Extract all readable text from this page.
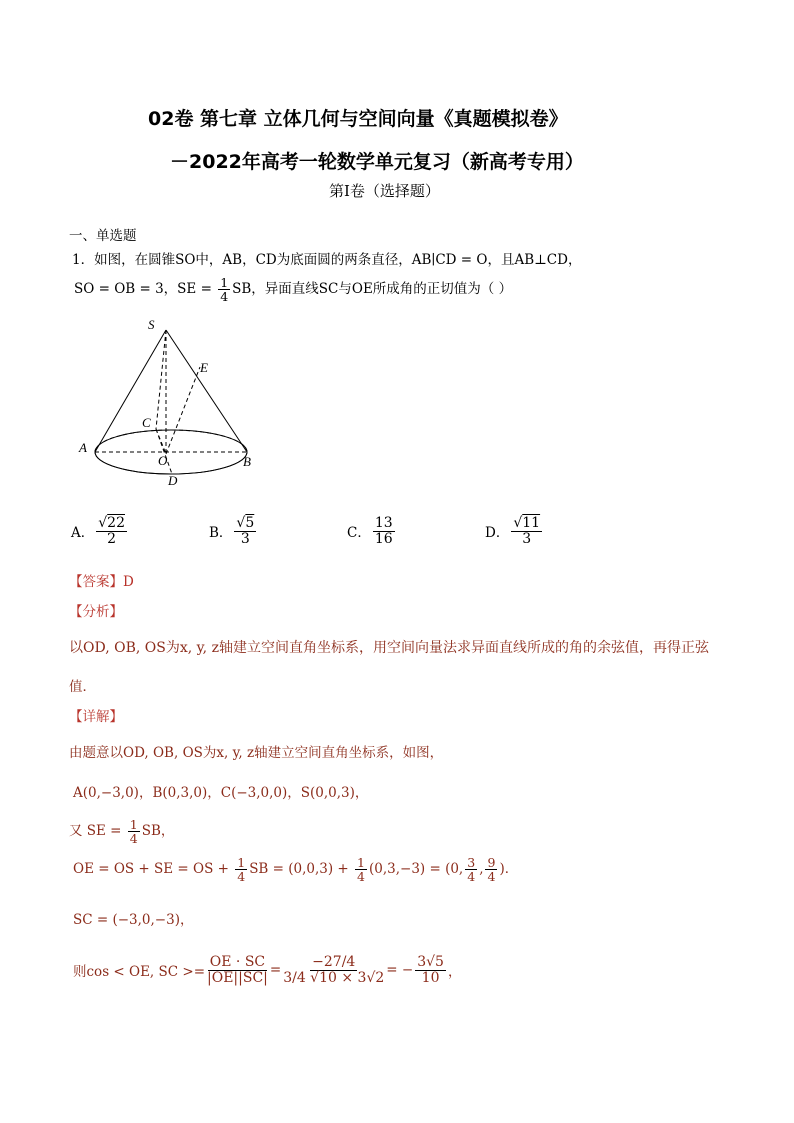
02卷 第七章 立体几何与空间向量《真题模拟卷》
－2022年高考一轮数学单元复习（新高考专用）
第Ⅰ卷（选择题）
一、单选题
1．如图，在圆锥SO中，AB，CD为底面圆的两条直径，AB∣CD = O，且AB⊥CD，
SO = OB = 3，SE = $\frac{1}{4}$ SB，异面直线SC与OE所成角的正切值为（ ）
S
E
C
A
O	B
D
A． $\frac{√22}{2}$	B． $\frac{√5}{3}$	C． $\frac{13}{16}$	D． $\frac{√11}{3}$
【答案】D
【分析】
以OD, OB, OS为x, y, z轴建立空间直角坐标系，用空间向量法求异面直线所成的角的余弦值，再得正弦
值．
【详解】
由题意以OD, OB, OS为x, y, z轴建立空间直角坐标系，如图，
A(0,−3,0)，B(0,3,0)，C(−3,0,0)，S(0,0,3)，
又 SE = $\frac{1}{4}$ SB，
OE = OS + SE = OS + $\frac{1}{4}$ SB = $(0,0,3) + \frac{1}{4} (0,3,-3) = (0$, $\frac{3}{4}$ , $\frac{9}{4}$ )．
SC = (−3,0,−3)，
则cos < OE, SC >= $\frac{OE \cdot SC}{|OE||SC|} = \frac{-27/4}{3/4 √10 \times 3√2}$ = − $\frac{3√5}{10}$ ，
